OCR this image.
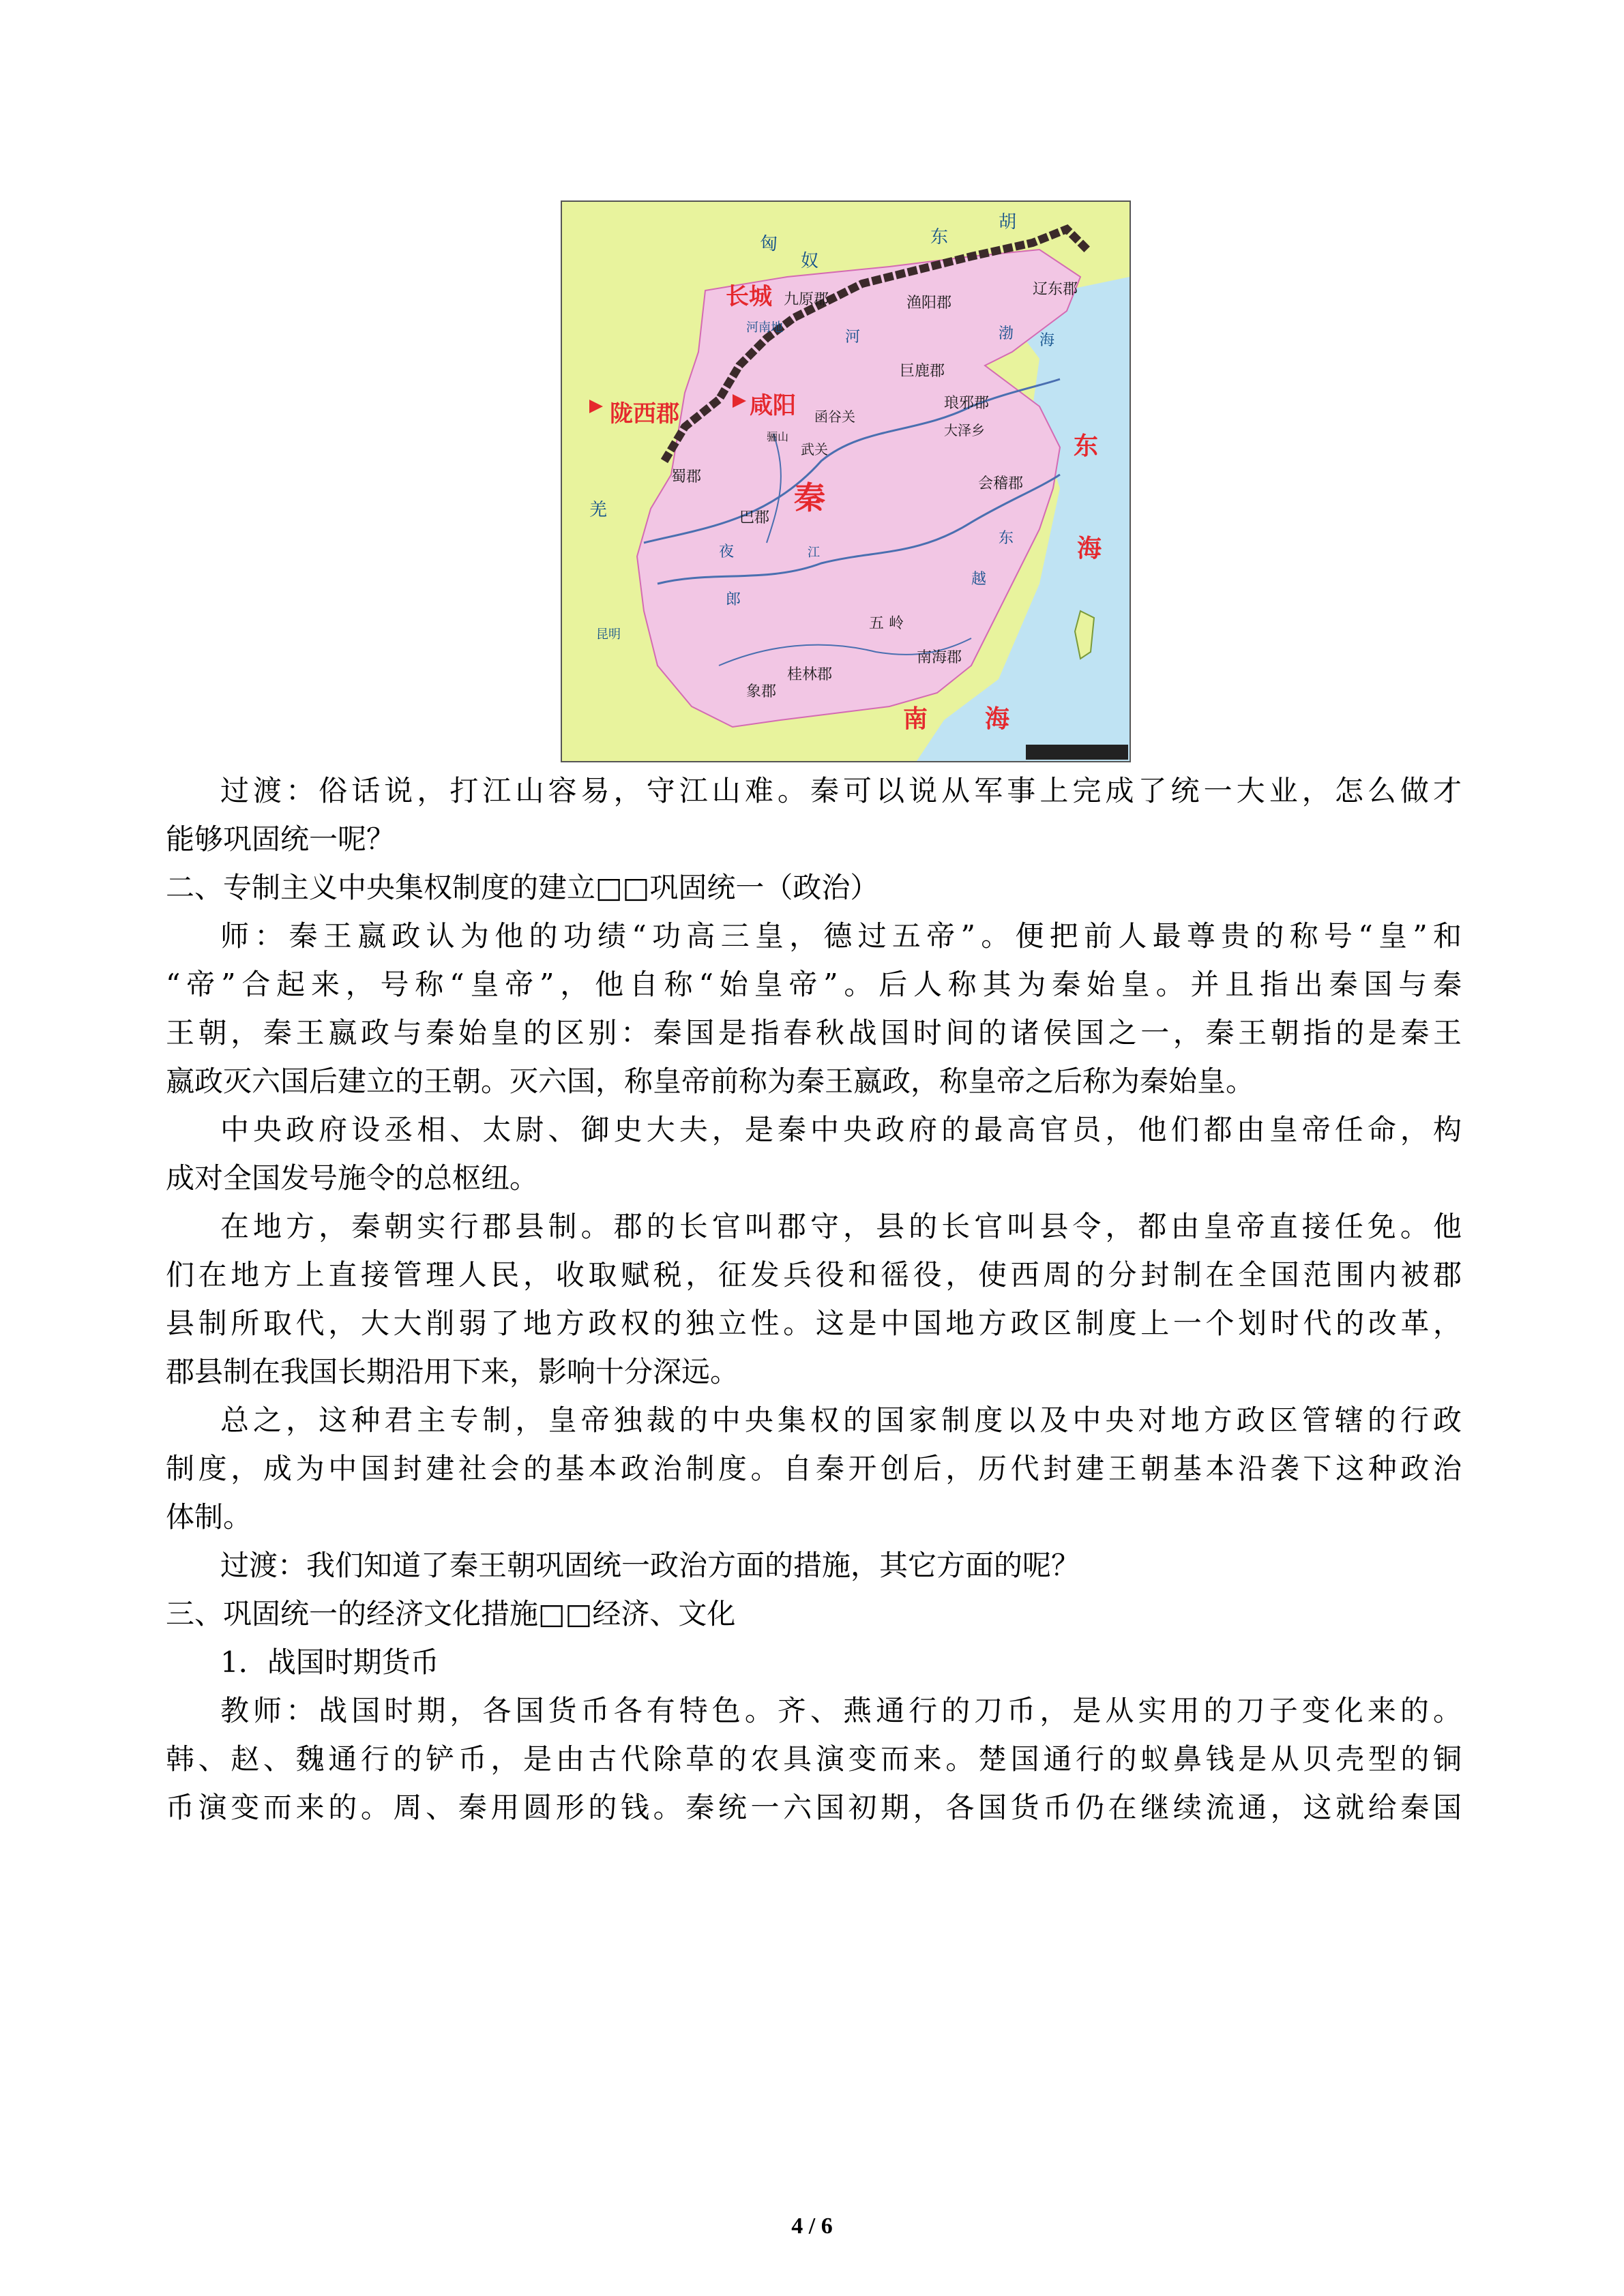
匈
奴
东
胡
长城 九原郡
河南地
渔阳郡
辽东郡
巨鹿郡
琅邪郡
渤 海
河
陇西郡	咸阳 函谷关
骊山
武关
大泽乡
蜀郡
巴郡
秦	会稽郡
五 岭
南海郡
桂林郡
象郡
夜
郎
昆明
江
东
越
羌
东
海
南 海
过渡：俗话说，打江山容易，守江山难。秦可以说从军事上完成了统一大业，怎么做才
能够巩固统一呢？
二、专制主义中央集权制度的建立□□巩固统一（政治）
师：秦王嬴政认为他的功绩“功高三皇，德过五帝”。便把前人最尊贵的称号“皇”和
“帝”合起来，号称“皇帝”，他自称“始皇帝”。后人称其为秦始皇。并且指出秦国与秦
王朝，秦王嬴政与秦始皇的区别：秦国是指春秋战国时间的诸侯国之一，秦王朝指的是秦王
嬴政灭六国后建立的王朝。灭六国，称皇帝前称为秦王嬴政，称皇帝之后称为秦始皇。
中央政府设丞相、太尉、御史大夫，是秦中央政府的最高官员，他们都由皇帝任命，构
成对全国发号施令的总枢纽。
在地方，秦朝实行郡县制。郡的长官叫郡守，县的长官叫县令，都由皇帝直接任免。他
们在地方上直接管理人民，收取赋税，征发兵役和徭役，使西周的分封制在全国范围内被郡
县制所取代，大大削弱了地方政权的独立性。这是中国地方政区制度上一个划时代的改革，
郡县制在我国长期沿用下来，影响十分深远。
总之，这种君主专制，皇帝独裁的中央集权的国家制度以及中央对地方政区管辖的行政
制度，成为中国封建社会的基本政治制度。自秦开创后，历代封建王朝基本沿袭下这种政治
体制。
过渡：我们知道了秦王朝巩固统一政治方面的措施，其它方面的呢？
三、巩固统一的经济文化措施□□经济、文化
1．战国时期货币
教师：战国时期，各国货币各有特色。齐、燕通行的刀币，是从实用的刀子变化来的。
韩、赵、魏通行的铲币，是由古代除草的农具演变而来。楚国通行的蚁鼻钱是从贝壳型的铜
币演变而来的。周、秦用圆形的钱。秦统一六国初期，各国货币仍在继续流通，这就给秦国
4 / 6
